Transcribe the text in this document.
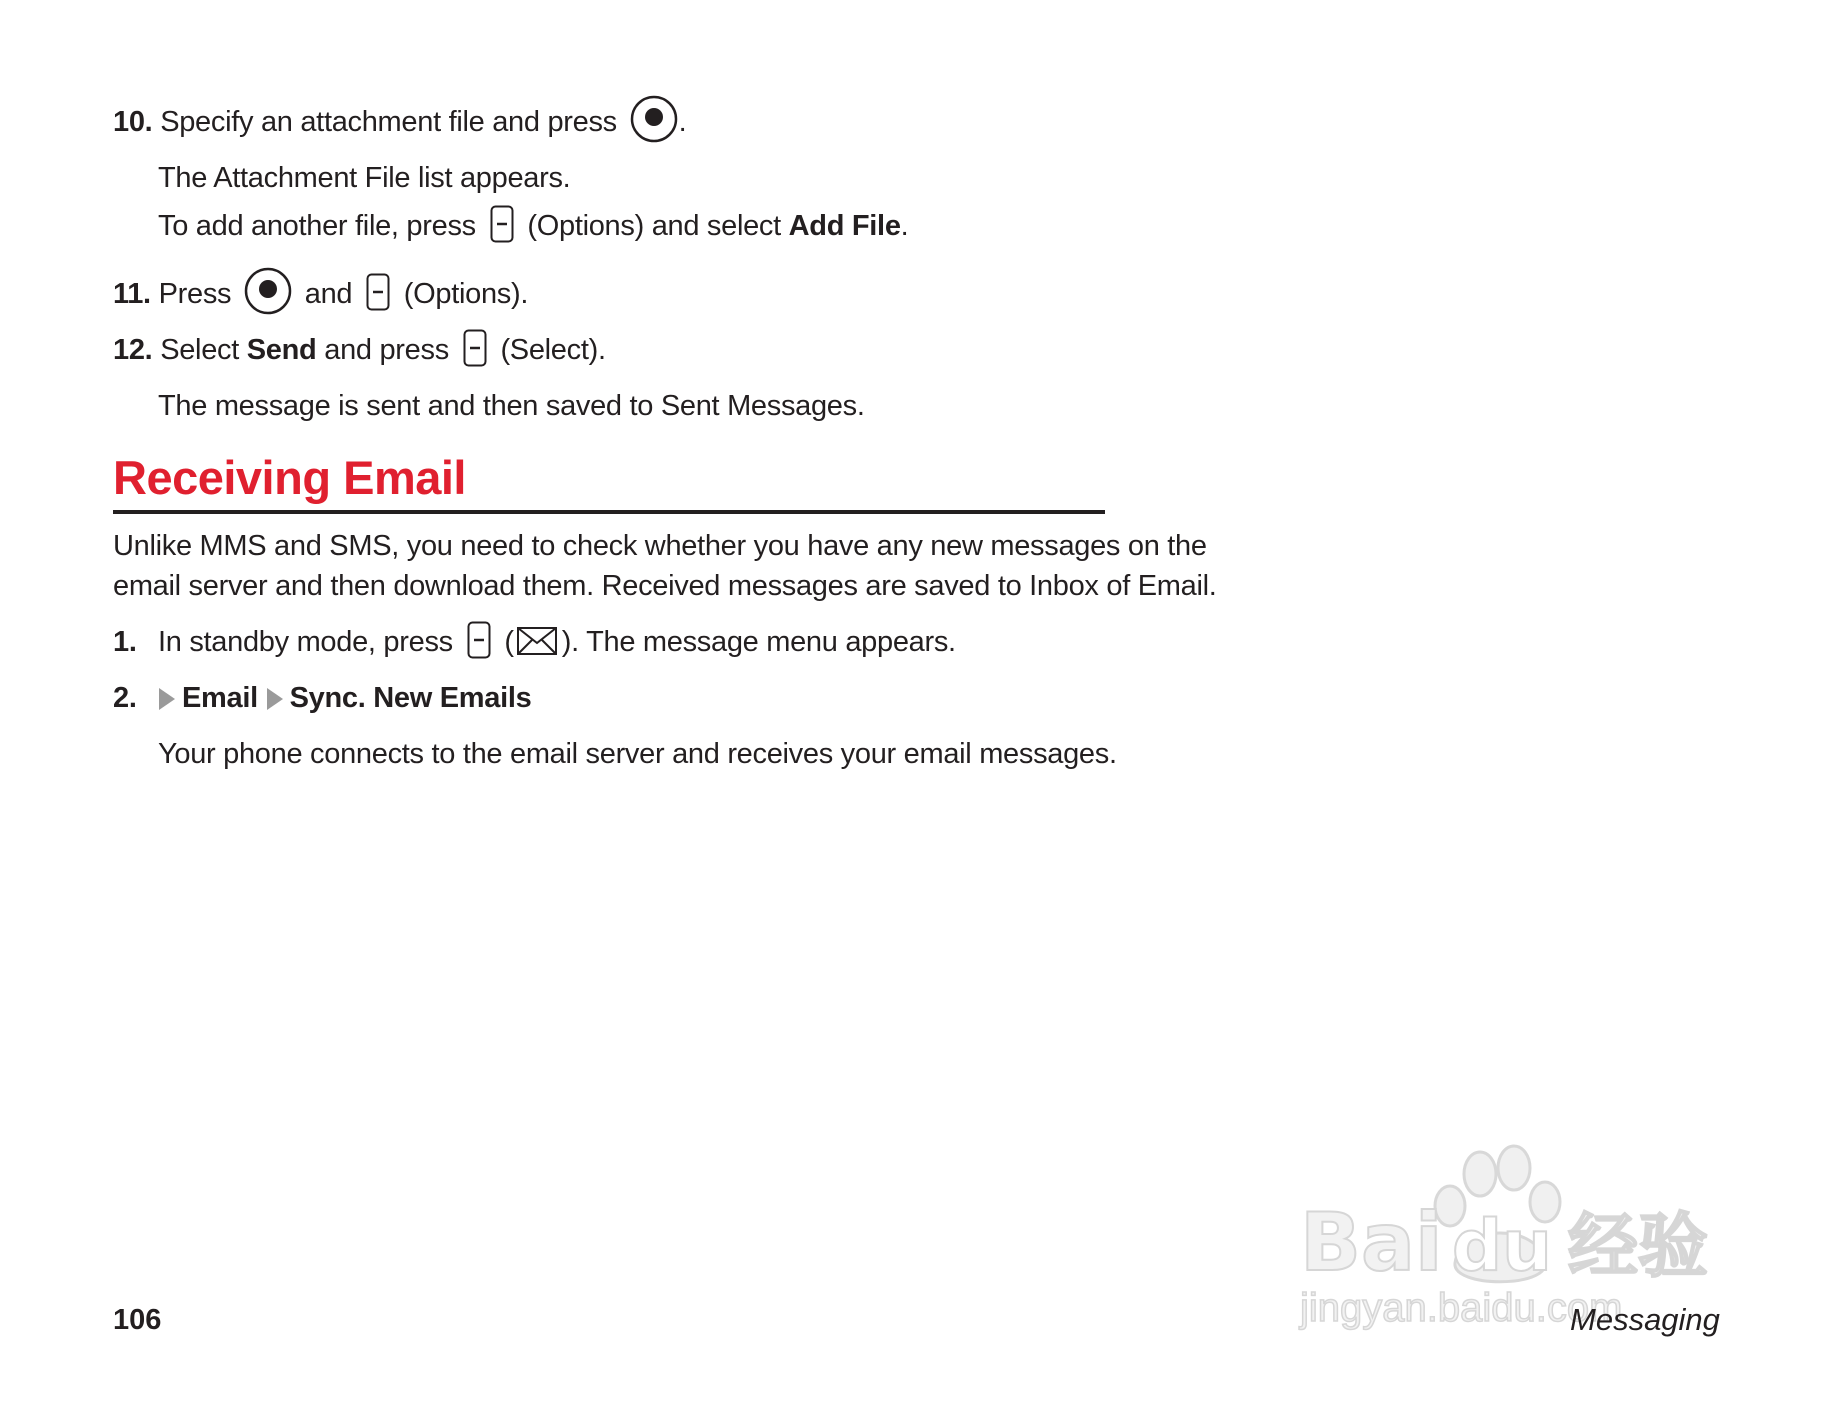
10. Specify an attachment file and press .
The Attachment File list appears.
To add another file, press (Options) and select Add File.
11. Press	and (Options).
12. Select Send and press (Select).
The message is sent and then saved to Sent Messages.
Receiving Email
Unlike MMS and SMS, you need to check whether you have any new messages on the
email server and then download them. Received messages are saved to Inbox of Email.
1. In standby mode, press ( ). The message menu appears.
2. Email Sync. New Emails
Your phone connects to the email server and receives your email messages.
Bai du 经验
jingyan.baidu.com
106	Messaging
